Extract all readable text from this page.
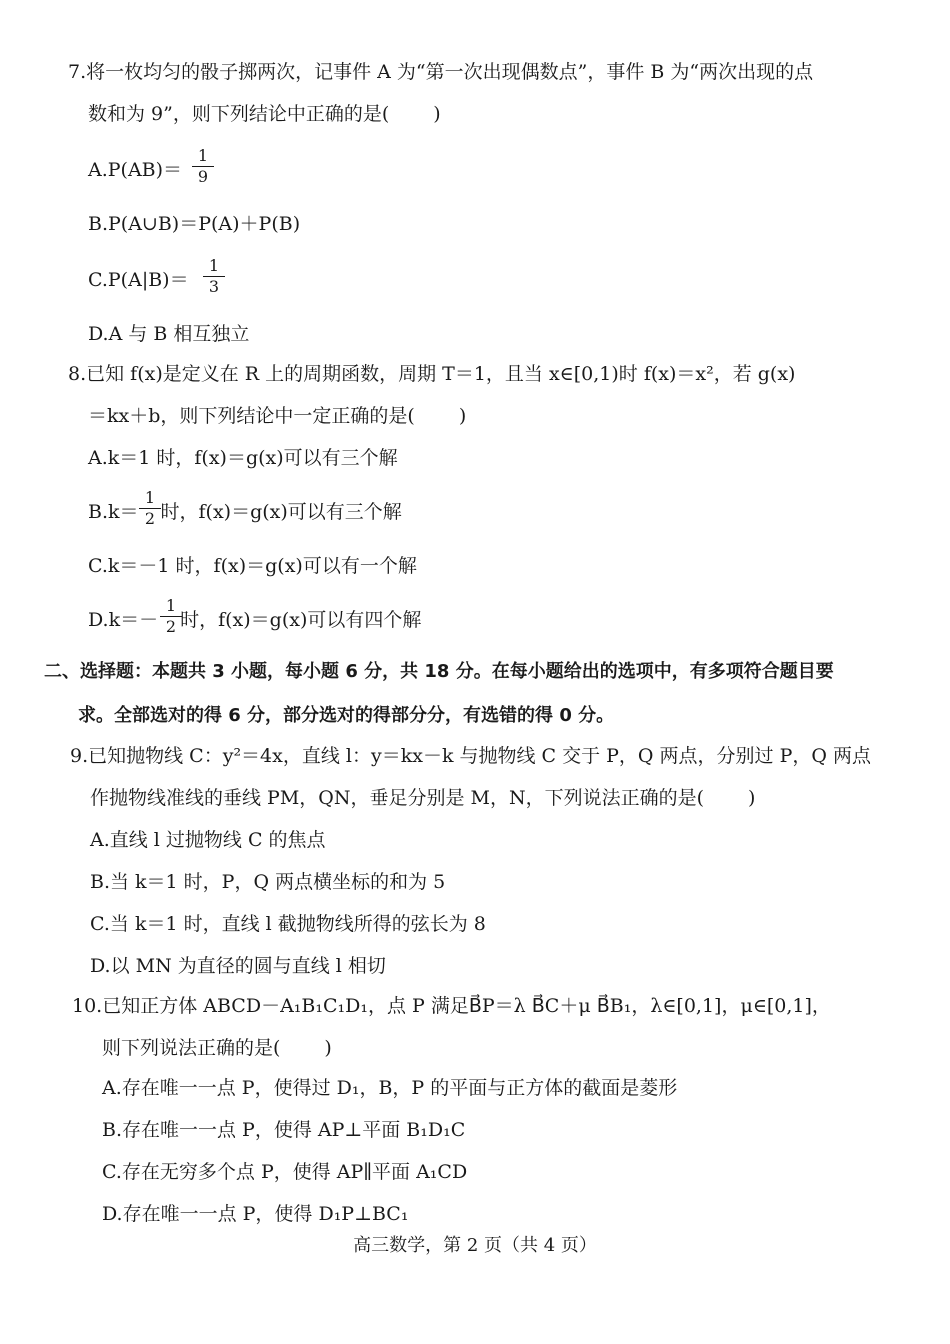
7.将一枚均匀的骰子掷两次，记事件 A 为“第一次出现偶数点”，事件 B 为“两次出现的点
数和为 9”，则下列结论中正确的是( )
$A.P(AB)= \frac{1}{9}$
B.P(A∪B)＝P(A)＋P(B)
$C.P(A|B)= \frac{1}{3}$
D.A 与 B 相互独立
8.已知 f(x)是定义在 R 上的周期函数，周期 T＝1，且当 x∈[0,1)时 f(x)＝x²，若 g(x)
＝kx＋b，则下列结论中一定正确的是( )
A.k＝1 时，f(x)＝g(x)可以有三个解
B.k＝ 时，f(x)＝g(x)可以有三个解
$\frac{1}{2}$
C.k＝－1 时，f(x)＝g(x)可以有一个解
D.k＝－ 时，f(x)＝g(x)可以有四个解
$\frac{1}{2}$
二、选择题：本题共 3 小题，每小题 6 分，共 18 分。在每小题给出的选项中，有多项符合题目要
求。全部选对的得 6 分，部分选对的得部分分，有选错的得 0 分。
9.已知抛物线 C：y²＝4x，直线 l：y＝kx－k 与抛物线 C 交于 P，Q 两点，分别过 P，Q 两点
作抛物线准线的垂线 PM，QN，垂足分别是 M，N，下列说法正确的是( )
A.直线 l 过抛物线 C 的焦点
B.当 k＝1 时，P，Q 两点横坐标的和为 5
C.当 k＝1 时，直线 l 截抛物线所得的弦长为 8
D.以 MN 为直径的圆与直线 l 相切
10.已知正方体 ABCD－A₁B₁C₁D₁，点 P 满足B⃗P＝λ B⃗C＋μ B⃗B₁，λ∈[0,1]，μ∈[0,1]，
则下列说法正确的是( )
A.存在唯一一点 P，使得过 D₁，B，P 的平面与正方体的截面是菱形
B.存在唯一一点 P，使得 AP⊥平面 B₁D₁C
C.存在无穷多个点 P，使得 AP∥平面 A₁CD
D.存在唯一一点 P，使得 D₁P⊥BC₁
高三数学，第 2 页（共 4 页）
